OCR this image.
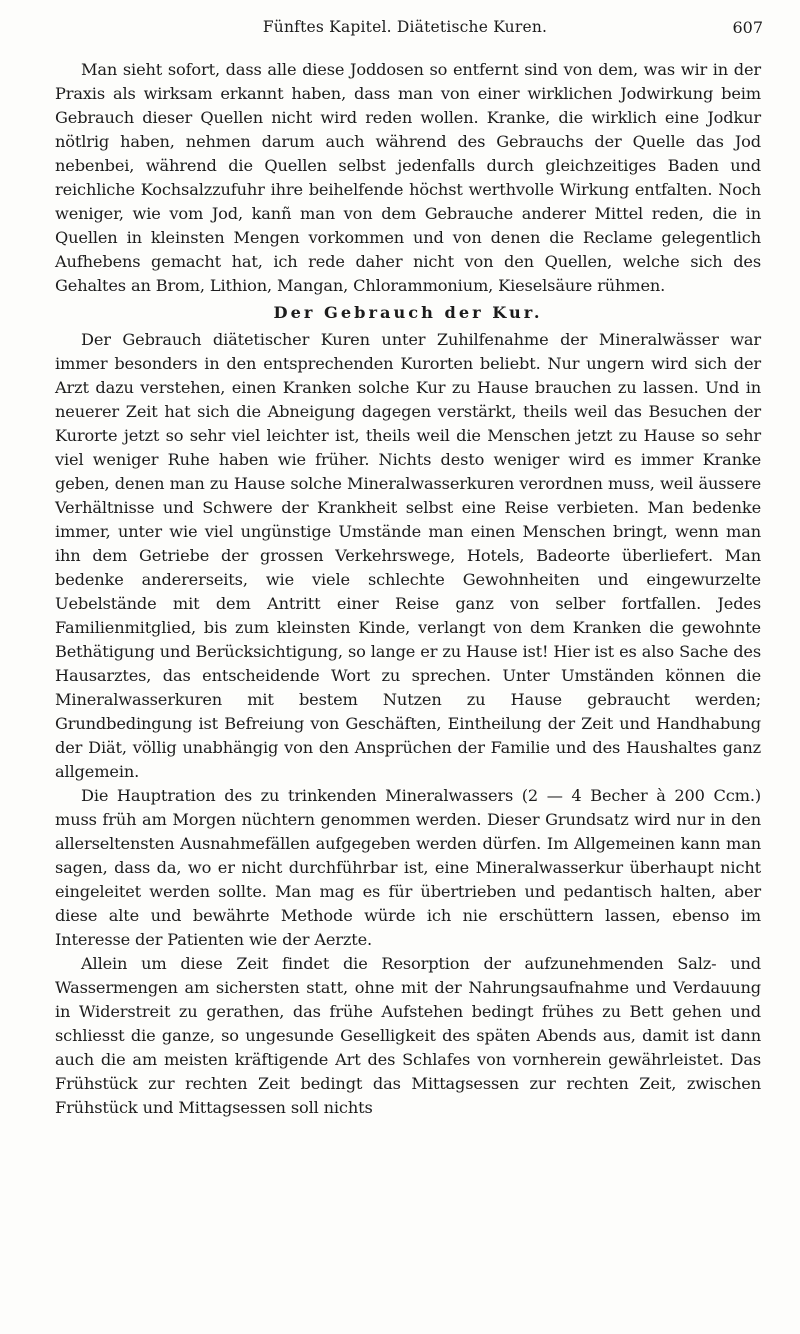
Fünftes Kapitel. Diätetische Kuren.	607

Man sieht sofort, dass alle diese Joddosen so entfernt sind von dem, was wir in der Praxis als wirksam erkannt haben, dass man von einer wirklichen Jodwirkung beim Gebrauch dieser Quellen nicht wird reden wollen. Kranke, die wirklich eine Jodkur nötlrig haben, nehmen darum auch während des Gebrauchs der Quelle das Jod nebenbei, während die Quellen selbst jedenfalls durch gleichzeitiges Baden und reichliche Kochsalzzufuhr ihre beihelfende höchst werthvolle Wirkung entfalten. Noch weniger, wie vom Jod, kanñ man von dem Gebrauche anderer Mittel reden, die in Quellen in kleinsten Mengen vorkommen und von denen die Reclame gelegentlich Aufhebens gemacht hat, ich rede daher nicht von den Quellen, welche sich des Gehaltes an Brom, Lithion, Mangan, Chlorammonium, Kieselsäure rühmen.

Der Gebrauch der Kur.

Der Gebrauch diätetischer Kuren unter Zuhilfenahme der Mineralwässer war immer besonders in den entsprechenden Kurorten beliebt. Nur ungern wird sich der Arzt dazu verstehen, einen Kranken solche Kur zu Hause brauchen zu lassen. Und in neuerer Zeit hat sich die Abneigung dagegen verstärkt, theils weil das Besuchen der Kurorte jetzt so sehr viel leichter ist, theils weil die Menschen jetzt zu Hause so sehr viel weniger Ruhe haben wie früher. Nichts desto weniger wird es immer Kranke geben, denen man zu Hause solche Mineralwasserkuren verordnen muss, weil äussere Verhältnisse und Schwere der Krankheit selbst eine Reise verbieten. Man bedenke immer, unter wie viel ungünstige Umstände man einen Menschen bringt, wenn man ihn dem Getriebe der grossen Verkehrswege, Hotels, Badeorte überliefert. Man bedenke andererseits, wie viele schlechte Gewohnheiten und eingewurzelte Uebelstände mit dem Antritt einer Reise ganz von selber fortfallen. Jedes Familienmitglied, bis zum kleinsten Kinde, verlangt von dem Kranken die gewohnte Bethätigung und Berücksichtigung, so lange er zu Hause ist! Hier ist es also Sache des Hausarztes, das entscheidende Wort zu sprechen. Unter Umständen können die Mineralwasserkuren mit bestem Nutzen zu Hause gebraucht werden; Grundbedingung ist Befreiung von Geschäften, Eintheilung der Zeit und Handhabung der Diät, völlig unabhängig von den Ansprüchen der Familie und des Haushaltes ganz allgemein.

Die Hauptration des zu trinkenden Mineralwassers (2 — 4 Becher à 200 Ccm.) muss früh am Morgen nüchtern genommen werden. Dieser Grundsatz wird nur in den allerseltensten Ausnahmefällen aufgegeben werden dürfen. Im Allgemeinen kann man sagen, dass da, wo er nicht durchführbar ist, eine Mineralwasserkur überhaupt nicht eingeleitet werden sollte. Man mag es für übertrieben und pedantisch halten, aber diese alte und bewährte Methode würde ich nie erschüttern lassen, ebenso im Interesse der Patienten wie der Aerzte.

Allein um diese Zeit findet die Resorption der aufzunehmenden Salz- und Wassermengen am sichersten statt, ohne mit der Nahrungsaufnahme und Verdauung in Widerstreit zu gerathen, das frühe Aufstehen bedingt frühes zu Bett gehen und schliesst die ganze, so ungesunde Geselligkeit des späten Abends aus, damit ist dann auch die am meisten kräftigende Art des Schlafes von vornherein gewährleistet. Das Frühstück zur rechten Zeit bedingt das Mittagsessen zur rechten Zeit, zwischen Frühstück und Mittagsessen soll nichts
